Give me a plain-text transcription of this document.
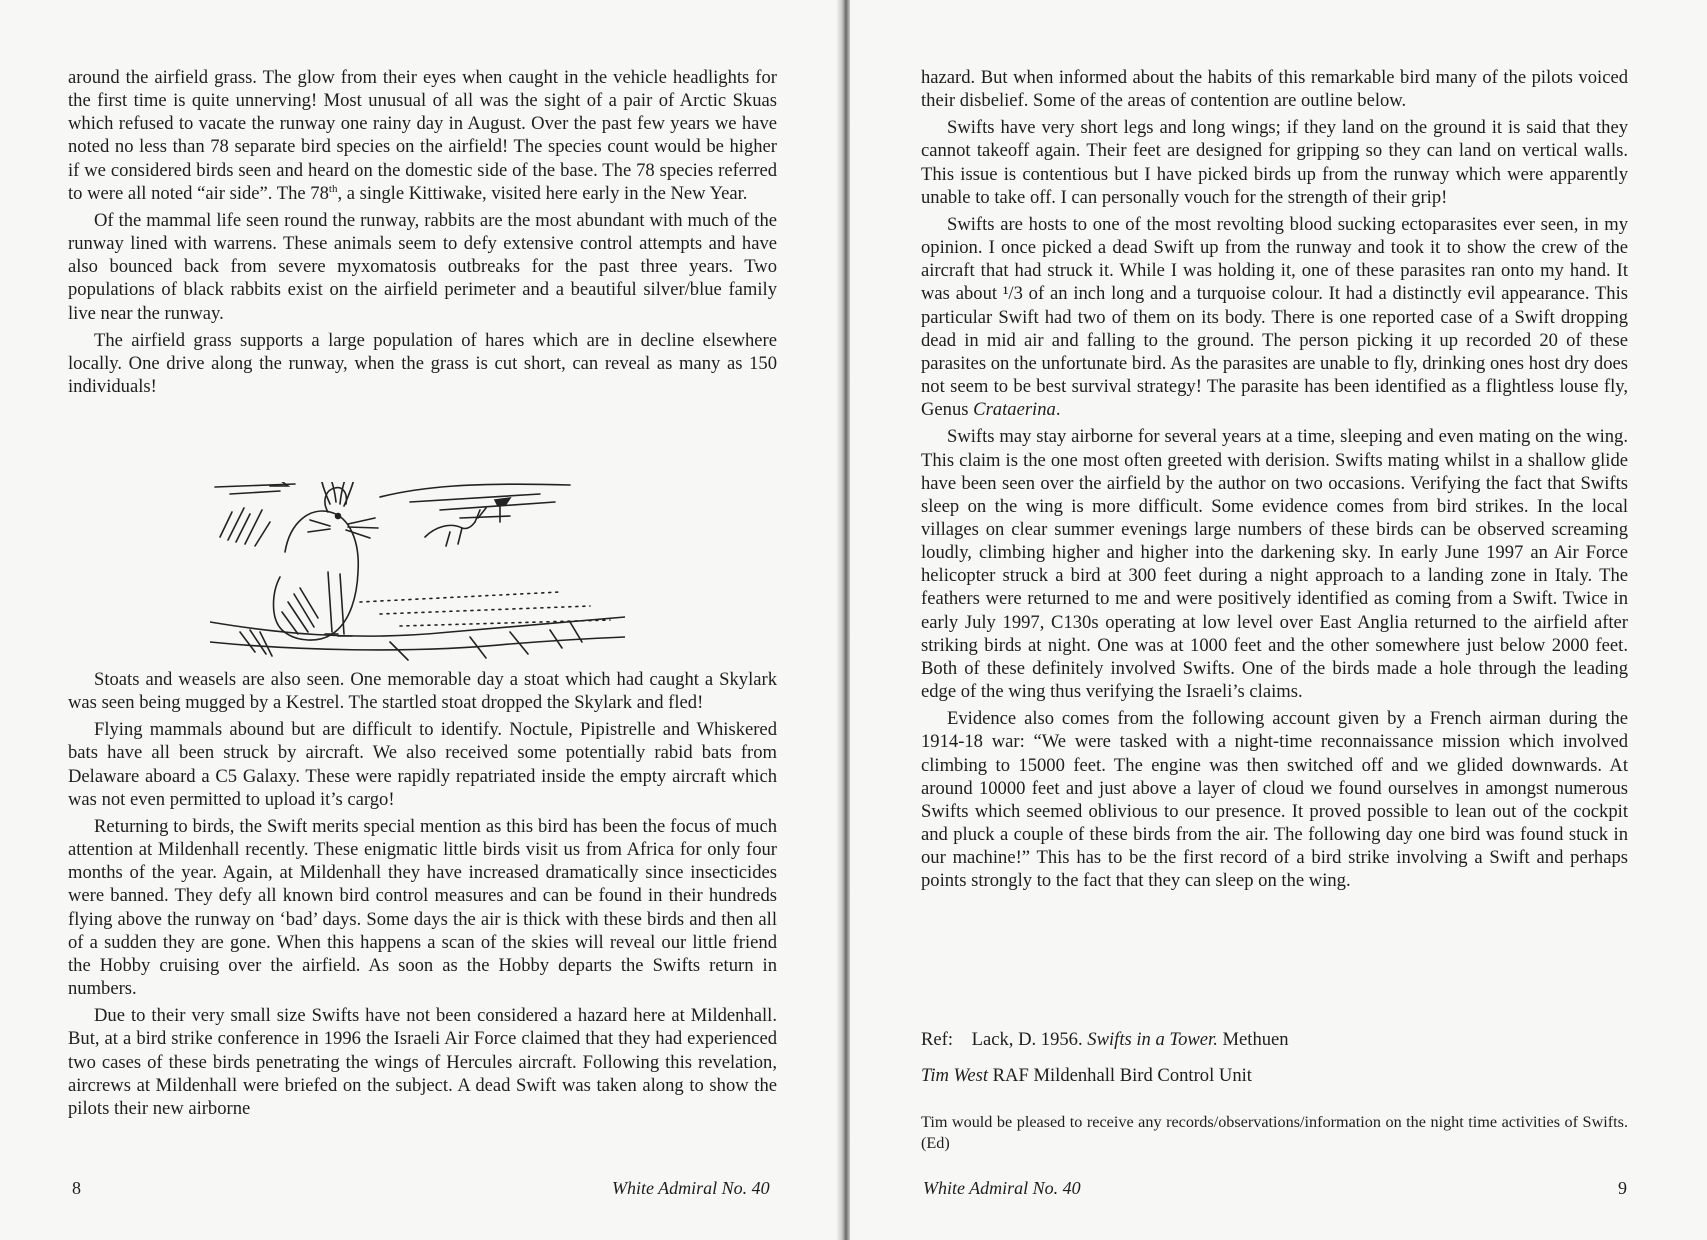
around the airfield grass. The glow from their eyes when caught in the vehicle headlights for the first time is quite unnerving! Most unusual of all was the sight of a pair of Arctic Skuas which refused to vacate the runway one rainy day in August. Over the past few years we have noted no less than 78 separate bird species on the airfield! The species count would be higher if we considered birds seen and heard on the domestic side of the base. The 78 species referred to were all noted “air side”. The 78th, a single Kittiwake, visited here early in the New Year.

Of the mammal life seen round the runway, rabbits are the most abundant with much of the runway lined with warrens. These animals seem to defy extensive control attempts and have also bounced back from severe myxomatosis outbreaks for the past three years. Two populations of black rabbits exist on the airfield perimeter and a beautiful silver/blue family live near the runway.

The airfield grass supports a large population of hares which are in decline elsewhere locally. One drive along the runway, when the grass is cut short, can reveal as many as 150 individuals!

Stoats and weasels are also seen. One memorable day a stoat which had caught a Skylark was seen being mugged by a Kestrel. The startled stoat dropped the Skylark and fled!

Flying mammals abound but are difficult to identify. Noctule, Pipistrelle and Whiskered bats have all been struck by aircraft. We also received some potentially rabid bats from Delaware aboard a C5 Galaxy. These were rapidly repatriated inside the empty aircraft which was not even permitted to upload it’s cargo!

Returning to birds, the Swift merits special mention as this bird has been the focus of much attention at Mildenhall recently. These enigmatic little birds visit us from Africa for only four months of the year. Again, at Mildenhall they have increased dramatically since insecticides were banned. They defy all known bird control measures and can be found in their hundreds flying above the runway on ‘bad’ days. Some days the air is thick with these birds and then all of a sudden they are gone. When this happens a scan of the skies will reveal our little friend the Hobby cruising over the airfield. As soon as the Hobby departs the Swifts return in numbers.

Due to their very small size Swifts have not been considered a hazard here at Mildenhall. But, at a bird strike conference in 1996 the Israeli Air Force claimed that they had experienced two cases of these birds penetrating the wings of Hercules aircraft. Following this revelation, aircrews at Mildenhall were briefed on the subject. A dead Swift was taken along to show the pilots their new airborne

8	White Admiral No. 40

hazard. But when informed about the habits of this remarkable bird many of the pilots voiced their disbelief. Some of the areas of contention are outline below.

Swifts have very short legs and long wings; if they land on the ground it is said that they cannot takeoff again. Their feet are designed for gripping so they can land on vertical walls. This issue is contentious but I have picked birds up from the runway which were apparently unable to take off. I can personally vouch for the strength of their grip!

Swifts are hosts to one of the most revolting blood sucking ectoparasites ever seen, in my opinion. I once picked a dead Swift up from the runway and took it to show the crew of the aircraft that had struck it. While I was holding it, one of these parasites ran onto my hand. It was about ¹/3 of an inch long and a turquoise colour. It had a distinctly evil appearance. This particular Swift had two of them on its body. There is one reported case of a Swift dropping dead in mid air and falling to the ground. The person picking it up recorded 20 of these parasites on the unfortunate bird. As the parasites are unable to fly, drinking ones host dry does not seem to be best survival strategy! The parasite has been identified as a flightless louse fly, Genus Crataerina.

Swifts may stay airborne for several years at a time, sleeping and even mating on the wing. This claim is the one most often greeted with derision. Swifts mating whilst in a shallow glide have been seen over the airfield by the author on two occasions. Verifying the fact that Swifts sleep on the wing is more difficult. Some evidence comes from bird strikes. In the local villages on clear summer evenings large numbers of these birds can be observed screaming loudly, climbing higher and higher into the darkening sky. In early June 1997 an Air Force helicopter struck a bird at 300 feet during a night approach to a landing zone in Italy. The feathers were returned to me and were positively identified as coming from a Swift. Twice in early July 1997, C130s operating at low level over East Anglia returned to the airfield after striking birds at night. One was at 1000 feet and the other somewhere just below 2000 feet. Both of these definitely involved Swifts. One of the birds made a hole through the leading edge of the wing thus verifying the Israeli’s claims.

Evidence also comes from the following account given by a French airman during the 1914-18 war: “We were tasked with a night-time reconnaissance mission which involved climbing to 15000 feet. The engine was then switched off and we glided downwards. At around 10000 feet and just above a layer of cloud we found ourselves in amongst numerous Swifts which seemed oblivious to our presence. It proved possible to lean out of the cockpit and pluck a couple of these birds from the air. The following day one bird was found stuck in our machine!” This has to be the first record of a bird strike involving a Swift and perhaps points strongly to the fact that they can sleep on the wing.

Ref: Lack, D. 1956. Swifts in a Tower. Methuen
Tim West RAF Mildenhall Bird Control Unit
Tim would be pleased to receive any records/observations/information on the night time activities of Swifts. (Ed)
White Admiral No. 40	9
